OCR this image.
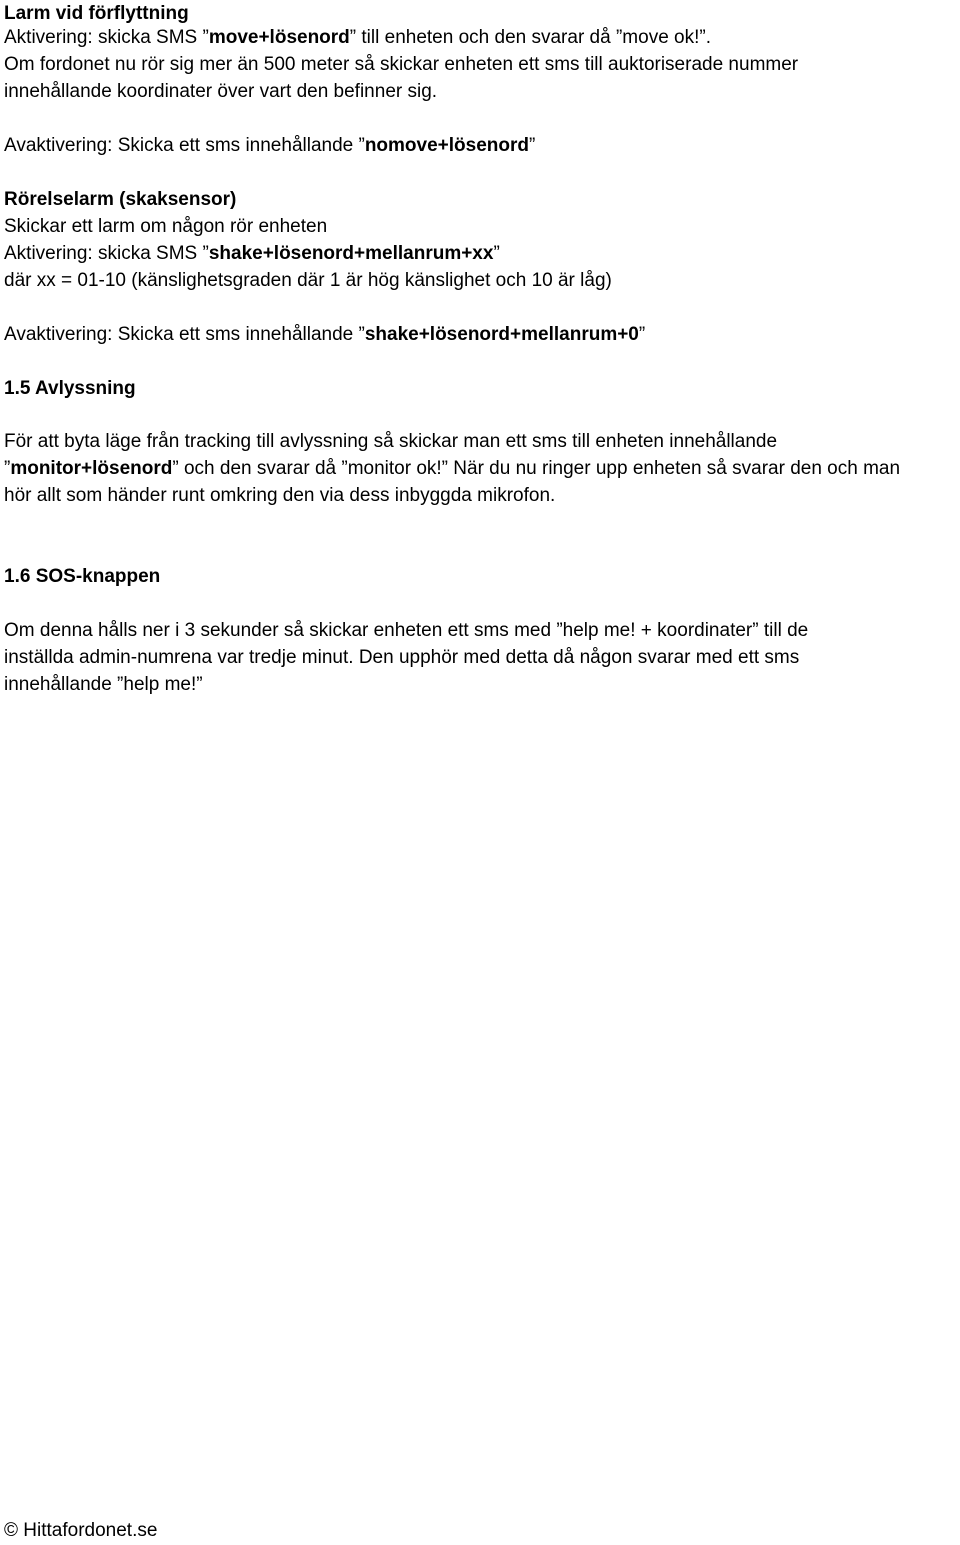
Larm vid förflyttning
Aktivering: skicka SMS ”move+lösenord” till enheten och den svarar då ”move ok!”.
Om fordonet nu rör sig mer än 500 meter så skickar enheten ett sms till auktoriserade nummer
innehållande koordinater över vart den befinner sig.
Avaktivering: Skicka ett sms innehållande ”nomove+lösenord”
Rörelselarm (skaksensor)
Skickar ett larm om någon rör enheten
Aktivering: skicka SMS ”shake+lösenord+mellanrum+xx”
där xx = 01-10 (känslighetsgraden där 1 är hög känslighet och 10 är låg)
Avaktivering: Skicka ett sms innehållande ”shake+lösenord+mellanrum+0”
1.5 Avlyssning
För att byta läge från tracking till avlyssning så skickar man ett sms till enheten innehållande
”monitor+lösenord” och den svarar då ”monitor ok!” När du nu ringer upp enheten så svarar den och man
hör allt som händer runt omkring den via dess inbyggda mikrofon.
1.6 SOS-knappen
Om denna hålls ner i 3 sekunder så skickar enheten ett sms med ”help me! + koordinater” till de
inställda admin-numrena var tredje minut. Den upphör med detta då någon svarar med ett sms
innehållande ”help me!”
© Hittafordonet.se
